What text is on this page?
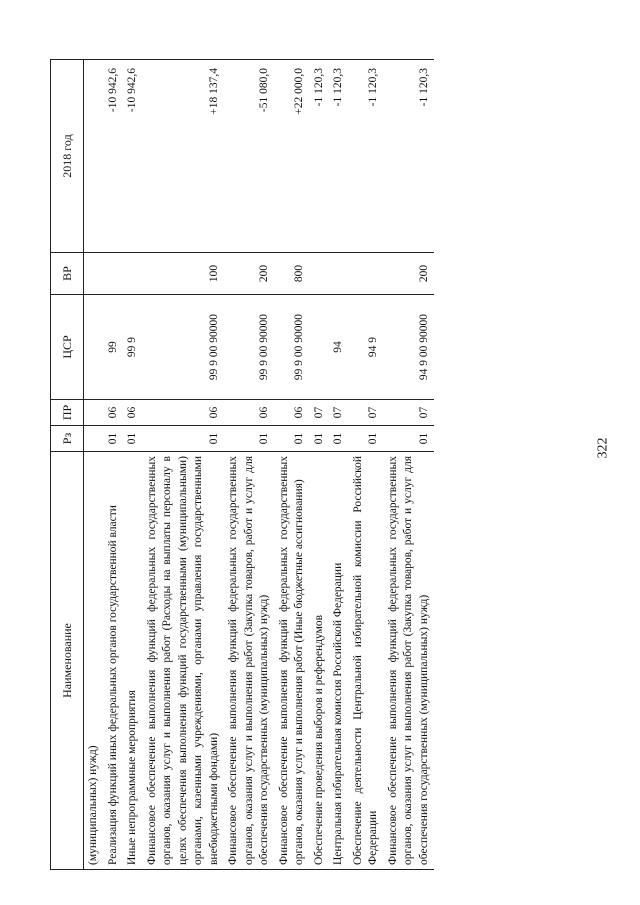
322
Наименование	Рз	ПР	ЦСР	ВР	2018 год
(муниципальных) нужд)					
Реализация функций иных федеральных органов государственной власти	01	06	99		-10 942,6
Иные непрограммные мероприятия	01	06	99 9		-10 942,6
Финансовое обеспечение выполнения функций федеральных государственных органов, оказания услуг и выполнения работ (Расходы на выплаты персоналу в целях обеспечения выполнения функций государственными (муниципальными) органами, казенными учреждениями, органами управления государственными внебюджетными фондами)	01	06	99 9 00 90000	100	+18 137,4
Финансовое обеспечение выполнения функций федеральных государственных органов, оказания услуг и выполнения работ (Закупка товаров, работ и услуг для обеспечения государственных (муниципальных) нужд)	01	06	99 9 00 90000	200	-51 080,0
Финансовое обеспечение выполнения функций федеральных государственных органов, оказания услуг и выполнения работ (Иные бюджетные ассигнования)	01	06	99 9 00 90000	800	+22 000,0
Обеспечение проведения выборов и референдумов	01	07			-1 120,3
Центральная избирательная комиссия Российской Федерации	01	07	94		-1 120,3
Обеспечение деятельности Центральной избирательной комиссии Российской Федерации	01	07	94 9		-1 120,3
Финансовое обеспечение выполнения функций федеральных государственных органов, оказания услуг и выполнения работ (Закупка товаров, работ и услуг для обеспечения государственных (муниципальных) нужд)	01	07	94 9 00 90000	200	-1 120,3
